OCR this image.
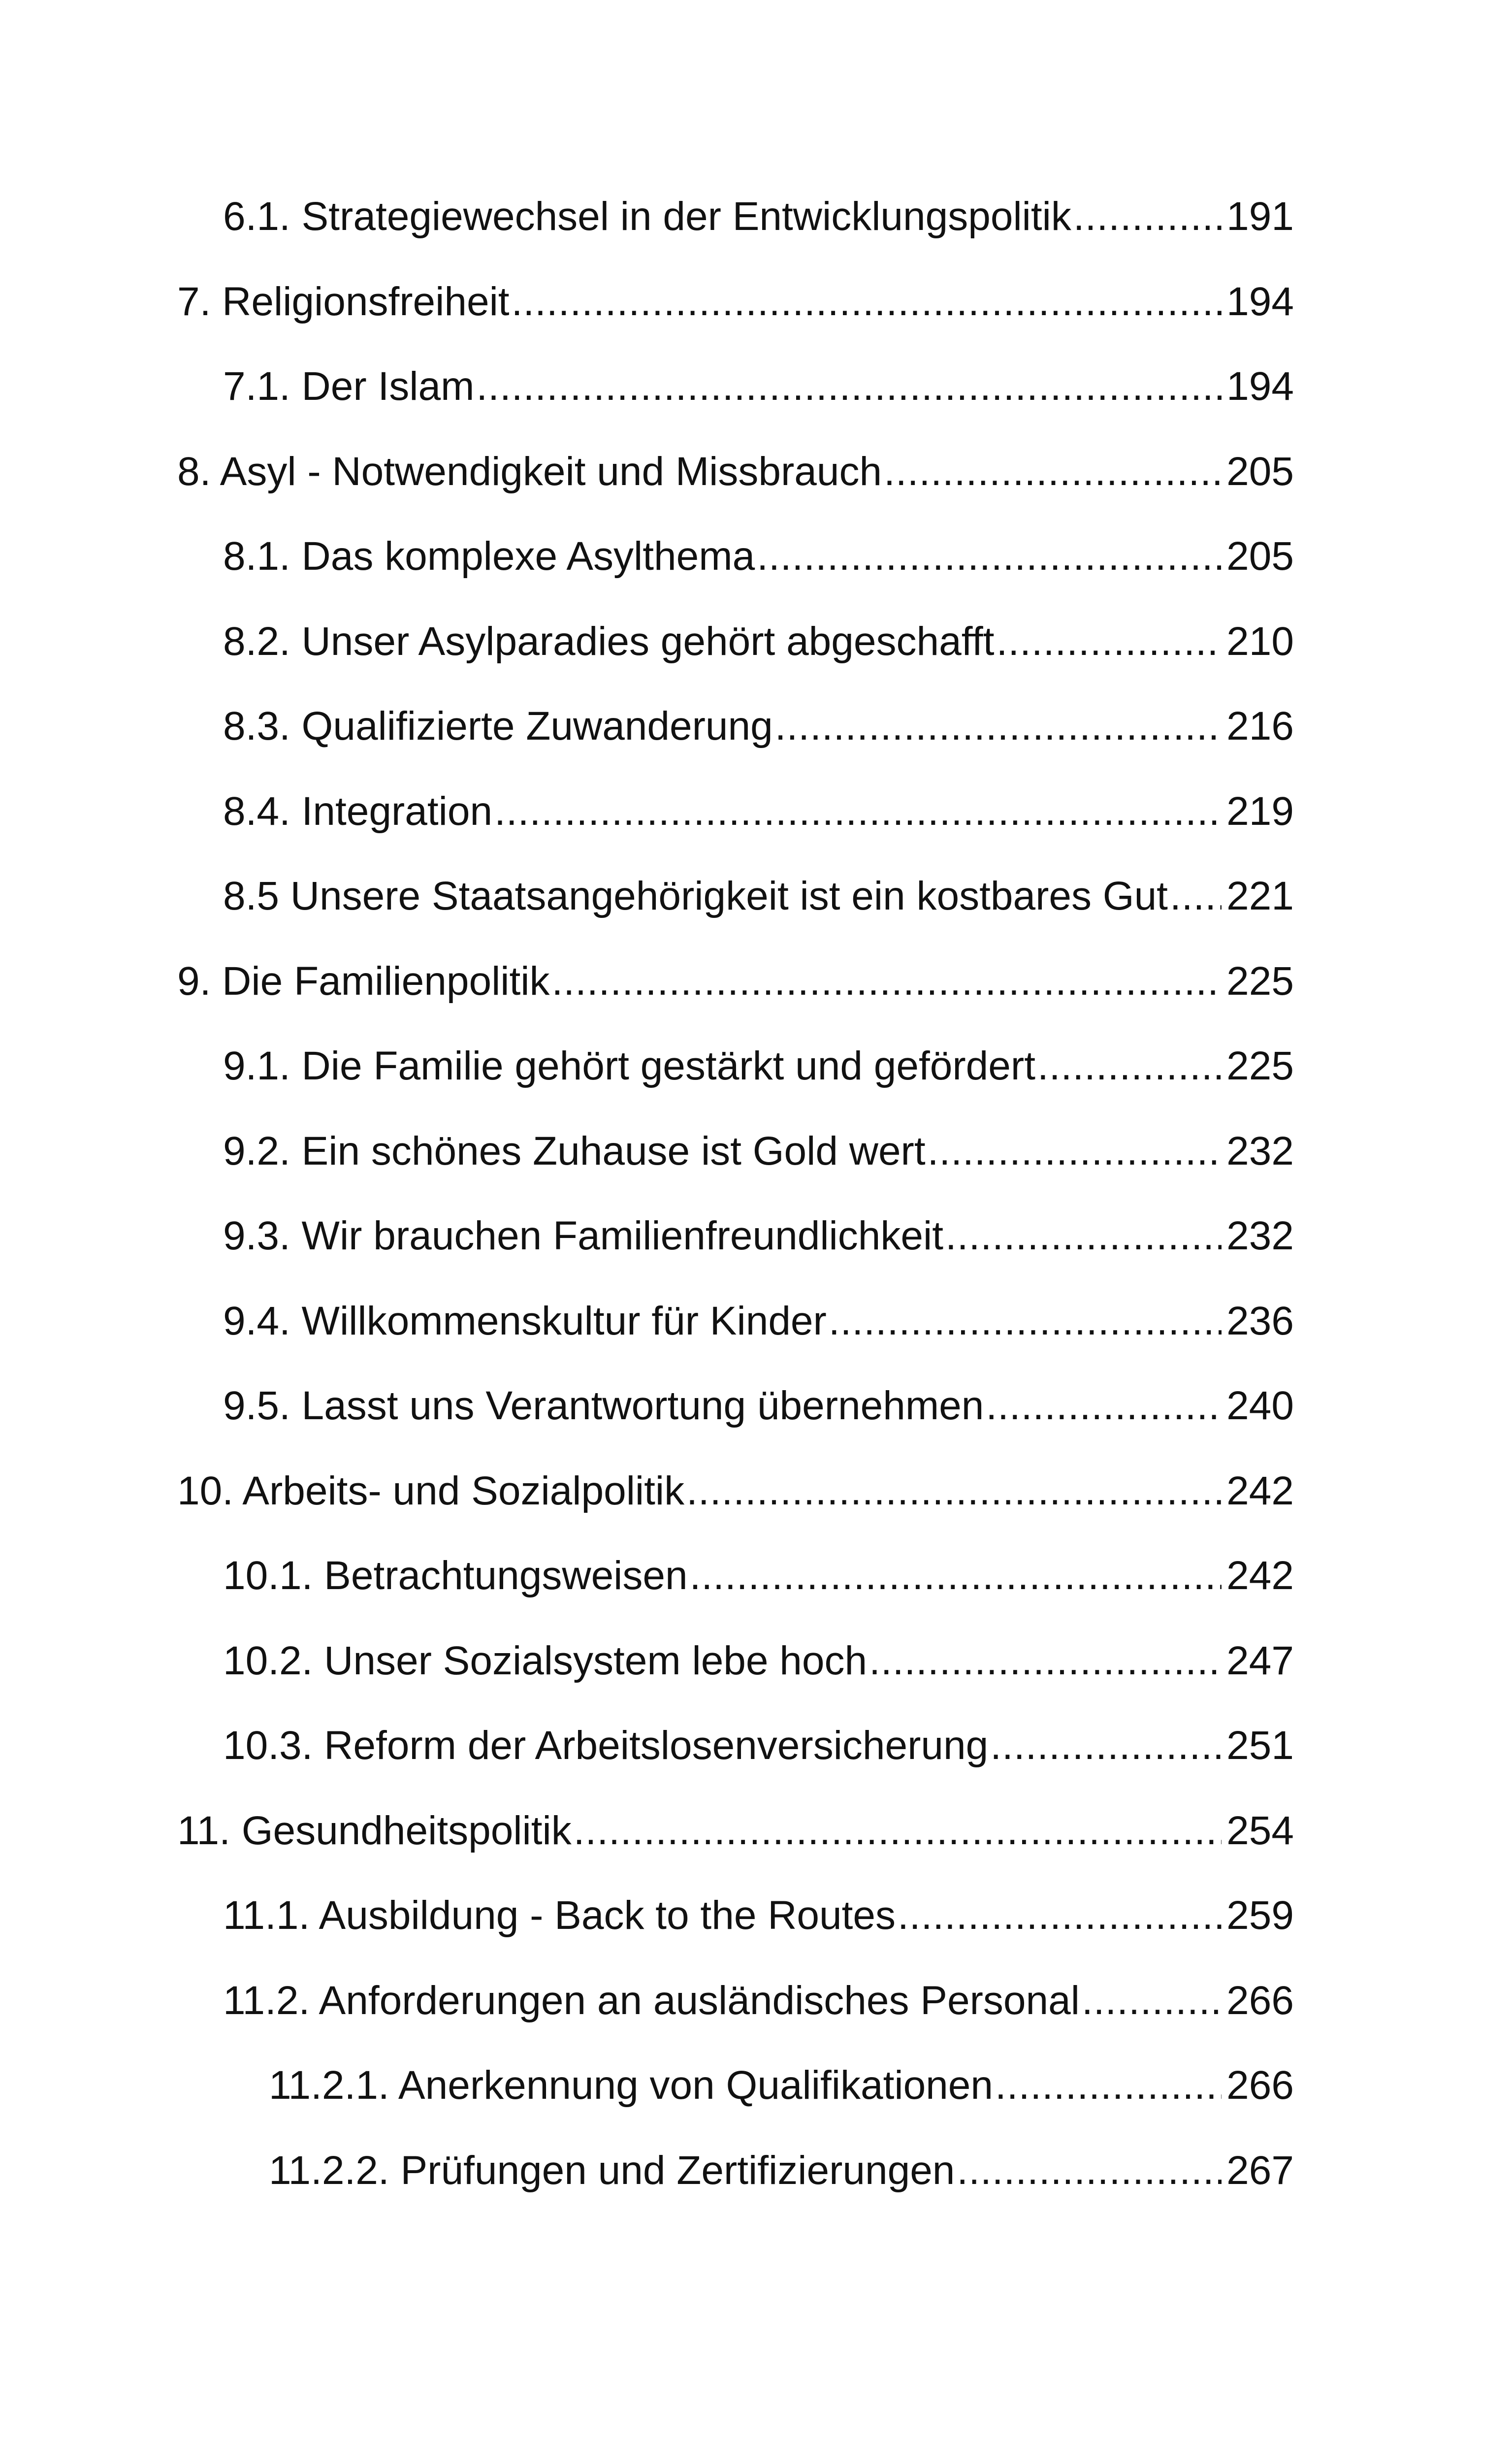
6.1. Strategiewechsel in der Entwicklungspolitik .....	191
7. Religionsfreiheit .....	194
7.1. Der Islam .....	194
8. Asyl - Notwendigkeit und Missbrauch .....	205
8.1. Das komplexe Asylthema .....	205
8.2. Unser Asylparadies gehört abgeschafft .....	210
8.3. Qualifizierte Zuwanderung .....	216
8.4. Integration .....	219
8.5 Unsere Staatsangehörigkeit ist ein kostbares Gut ..... 221
9. Die Familienpolitik .....	225
9.1. Die Familie gehört gestärkt und gefördert .....	225
9.2. Ein schönes Zuhause ist Gold wert .....	232
9.3. Wir brauchen Familienfreundlichkeit .....	232
9.4. Willkommenskultur für Kinder .....	236
9.5. Lasst uns Verantwortung übernehmen .....	240
10. Arbeits- und Sozialpolitik .....	242
10.1. Betrachtungsweisen .....	242
10.2. Unser Sozialsystem lebe hoch .....	247
10.3. Reform der Arbeitslosenversicherung .....	251
11. Gesundheitspolitik .....	254
11.1. Ausbildung - Back to the Routes .....	259
11.2. Anforderungen an ausländisches Personal .....	266
11.2.1. Anerkennung von Qualifikationen .....	266
11.2.2. Prüfungen und Zertifizierungen .....	267
